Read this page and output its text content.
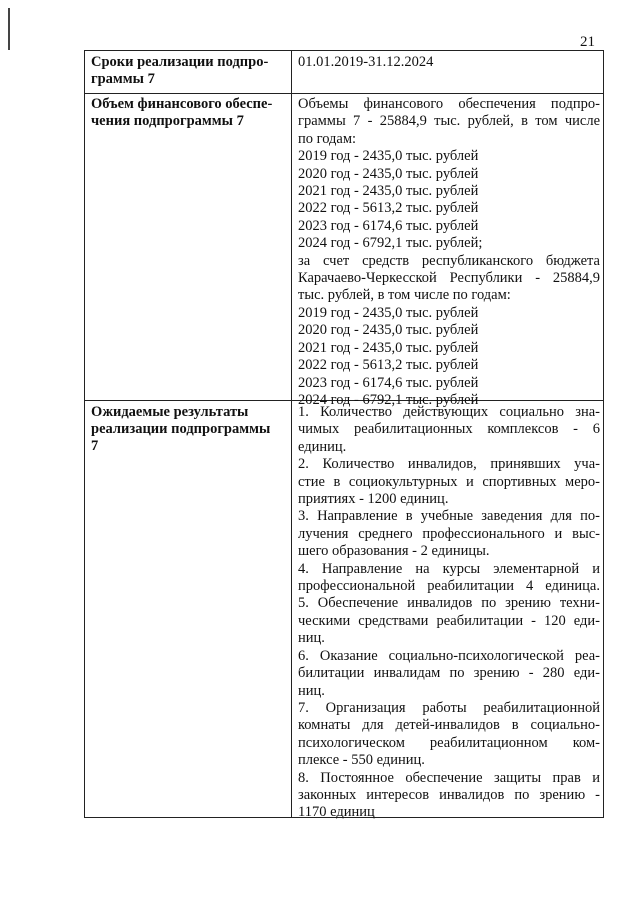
21
Сроки реализации подпро-
граммы 7
01.01.2019-31.12.2024
Объем финансового обеспе-
чения подпрограммы 7
Объемы финансового обеспечения подпро-
граммы 7 - 25884,9 тыс. рублей, в том числе
по годам:
2019 год - 2435,0 тыс. рублей
2020 год - 2435,0 тыс. рублей
2021 год - 2435,0 тыс. рублей
2022 год - 5613,2 тыс. рублей
2023 год - 6174,6 тыс. рублей
2024 год - 6792,1 тыс. рублей;
за счет средств республиканского бюджета
Карачаево-Черкесской Республики - 25884,9
тыс. рублей, в том числе по годам:
2019 год - 2435,0 тыс. рублей
2020 год - 2435,0 тыс. рублей
2021 год - 2435,0 тыс. рублей
2022 год - 5613,2 тыс. рублей
2023 год - 6174,6 тыс. рублей
2024 год - 6792,1 тыс. рублей
Ожидаемые результаты
реализации подпрограммы
7
1. Количество действующих социально зна-
чимых реабилитационных комплексов - 6
единиц.
2. Количество инвалидов, принявших уча-
стие в социокультурных и спортивных меро-
приятиях - 1200 единиц.
3. Направление в учебные заведения для по-
лучения среднего профессионального и выс-
шего образования - 2 единицы.
4. Направление на курсы элементарной и
профессиональной реабилитации 4 единица.
5. Обеспечение инвалидов по зрению техни-
ческими средствами реабилитации - 120 еди-
ниц.
6. Оказание социально-психологической реа-
билитации инвалидам по зрению - 280 еди-
ниц.
7. Организация работы реабилитационной
комнаты для детей-инвалидов в социально-
психологическом реабилитационном ком-
плексе - 550 единиц.
8. Постоянное обеспечение защиты прав и
законных интересов инвалидов по зрению -
1170 единиц
